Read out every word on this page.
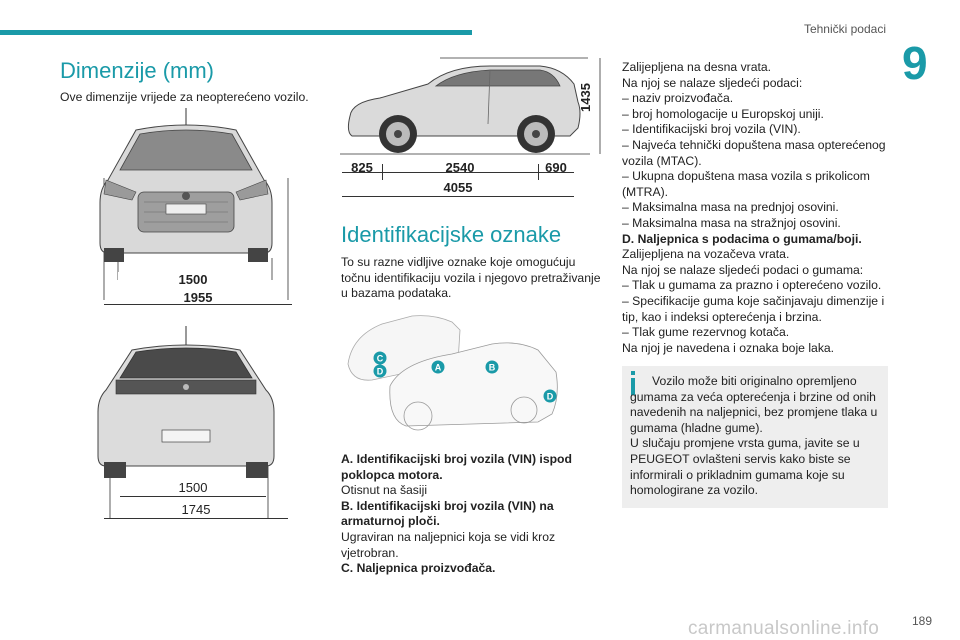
Tehnički podaci
9
Dimenzije (mm)

Ove dimenzije vrijede za neopterećeno vozilo.

1500
1955
1500
1745
1435
825	2540	690
4055
Identifikacijske oznake

To su razne vidljive oznake koje omogućuju točnu identifikaciju vozila i njegovo pretraživanje u bazama podataka.

C
D	A	B
D
A. Identifikacijski broj vozila (VIN) ispod poklopca motora.
Otisnut na šasiji
B. Identifikacijski broj vozila (VIN) na armaturnoj ploči.
Ugraviran na naljepnici koja se vidi kroz vjetrobran.
C. Naljepnica proizvođača.
Zalijepljena na desna vrata.
Na njoj se nalaze sljedeći podaci:
– naziv proizvođača.
– broj homologacije u Europskoj uniji.
– Identifikacijski broj vozila (VIN).
– Najveća tehnički dopuštena masa opterećenog vozila (MTAC).
– Ukupna dopuštena masa vozila s prikolicom (MTRA).
– Maksimalna masa na prednjoj osovini.
– Maksimalna masa na stražnjoj osovini.
D. Naljepnica s podacima o gumama/boji.
Zalijepljena na vozačeva vrata.
Na njoj se nalaze sljedeći podaci o gumama:
– Tlak u gumama za prazno i opterećeno vozilo.
– Specifikacije guma koje sačinjavaju dimenzije i tip, kao i indeksi opterećenja i brzina.
– Tlak gume rezervnog kotača.
Na njoj je navedena i oznaka boje laka.
Vozilo može biti originalno opremljeno gumama za veća opterećenja i brzine od onih navedenih na naljepnici, bez promjene tlaka u gumama (hladne gume).
U slučaju promjene vrsta guma, javite se u PEUGEOT ovlašteni servis kako biste se informirali o prikladnim gumama koje su homologirane za vozilo.
carmanualsonline.info	189
